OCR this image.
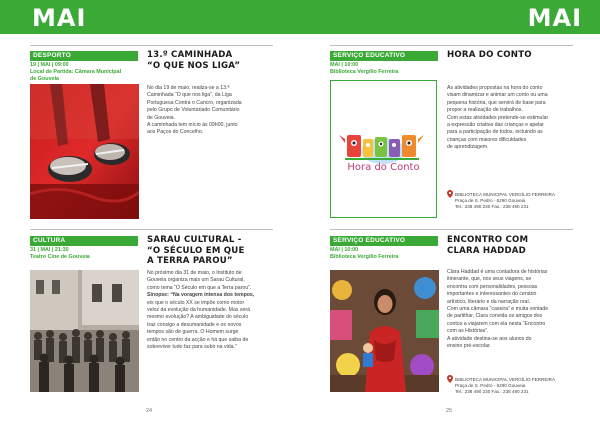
MAI	MAI
DESPORTO
19 | MAI | 09:00
Local de Partida: Câmara Municipal
de Gouveia
13.º CAMINHADA
“O QUE NOS LIGA”
No dia 19 de maio, realiza-se a 13.ª
Caminhada “O que nos liga”, da Liga
Portuguesa Contra o Cancro, organizada
pelo Grupo de Voluntariado Comunitário
de Gouveia.
A caminhada tem início às 09h00, junto
aos Paços do Concelho.
SERVIÇO EDUCATIVO
MAI | 10:00
Biblioteca Vergílio Ferreira
Hora do Conto
HORA DO CONTO
As atividades propostas na hora do conto
visam dinamizar e animar um conto ou uma
pequena história, que servirá de base para
propor a realização de trabalhos.
Com estas atividades pretende-se estimular
a expressão criativa das crianças e apelar
para a participação de todos, incluindo as
crianças com maiores dificuldades
de aprendizagem.
BIBLIOTECA MUNICIPAL VERGÍLIO FERREIRA
Praça de S. Pedro - 6290 Gouveia
Tel.: 238 490 230 Fax.: 238 490 231
CULTURA
31 | MAI | 21:30
Teatro Cine de Gouveia
SARAU CULTURAL -
“O SÉCULO EM QUE
A TERRA PAROU”
No próximo dia 31 de maio, o Instituto de
Gouveia organiza mais um Sarau Cultural,
como tema “O Século em que a Terra parou”.
Sinopse: “Na voragem intensa dos tempos,
eis que o século XX se impõe como motor
veloz da evolução da humanidade. Mas será
mesmo evolução? A ambiguidade do século
traz consigo a desumanidade e os novos
tempos são de guerra. O Homem surge
então no centro da acção e há que saiba de
sobreviver tudo faz para subir na vida.”
SERVIÇO EDUCATIVO
MAI | 10:00
Biblioteca Vergílio Ferreira
ENCONTRO COM
CLARA HADDAD
Clara Haddad é uma contadora de histórias
itinerante, que, nos seus viagens, se
encontra com personalidades, pessoas
importantes e interessantes do cenário
artístico, literário e da narração oral.
Com uma câmara “caseira” e muita vontade
de partilhar, Clara convida os amigos dos
contos a viajarem com ela nesta “Encontro
com as Histórias”.
A atividade destina-se aos alunos do
ensino pré-escolar.
BIBLIOTECA MUNICIPAL VERGÍLIO FERREIRA
Praça de S. Pedro - 6290 Gouveia
Tel.: 238 490 230 Fax.: 238 490 231
24	25
